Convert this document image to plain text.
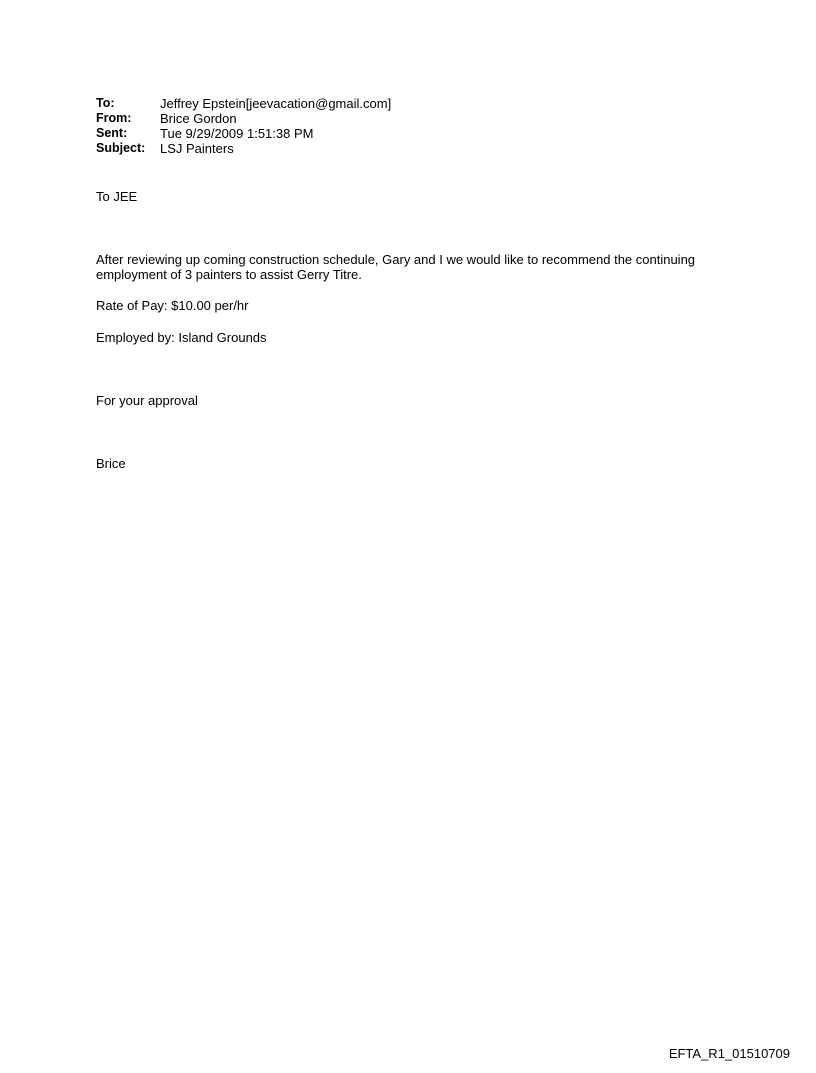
To:	Jeffrey Epstein[jeevacation@gmail.com]
From:	Brice Gordon
Sent:	Tue 9/29/2009 1:51:38 PM
Subject:	LSJ Painters
To JEE
After reviewing up coming construction schedule, Gary and I we would like to recommend the continuing employment of 3 painters to assist Gerry Titre.
Rate of Pay: $10.00 per/hr
Employed by: Island Grounds
For your approval
Brice
EFTA_R1_01510709
